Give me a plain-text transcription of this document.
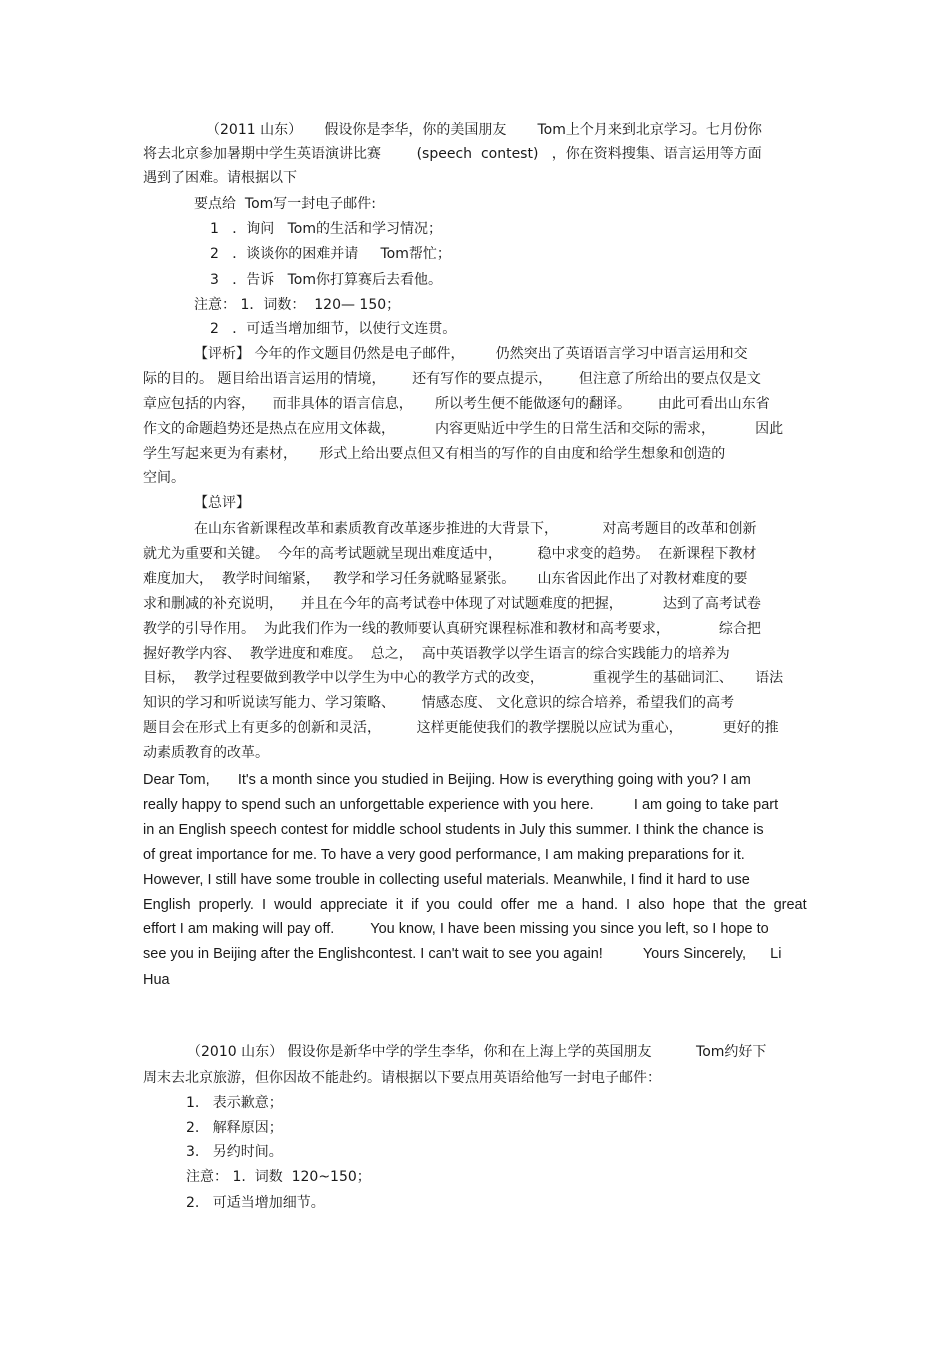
（2011 山东）     假设你是李华，你的美国朋友       Tom上个月来到北京学习。七月份你
将去北京参加暑期中学生英语演讲比赛        (speech  contest)   ，你在资料搜集、语言运用等方面
遇到了困难。请根据以下
要点给  Tom写一封电子邮件:
1   ．询问   Tom的生活和学习情况；
2   ．谈谈你的困难并请     Tom帮忙；
3   ．告诉   Tom你打算赛后去看他。
注意： 1．词数：  120— 150；
2   ．可适当增加细节，以使行文连贯。
【评析】 今年的作文题目仍然是电子邮件，       仍然突出了英语语言学习中语言运用和交
际的目的。 题目给出语言运用的情境，      还有写作的要点提示，      但注意了所给出的要点仅是文
章应包括的内容，    而非具体的语言信息，     所以考生便不能做逐句的翻译。      由此可看出山东省
作文的命题趋势还是热点在应用文体裁，         内容更贴近中学生的日常生活和交际的需求，         因此
学生写起来更为有素材，     形式上给出要点但又有相当的写作的自由度和给学生想象和创造的
空间。
【总评】
在山东省新课程改革和素质教育改革逐步推进的大背景下，          对高考题目的改革和创新
就尤为重要和关键。  今年的高考试题就呈现出难度适中，        稳中求变的趋势。  在新课程下教材
难度加大，  教学时间缩紧，   教学和学习任务就略显紧张。     山东省因此作出了对教材难度的要
求和删减的补充说明，    并且在今年的高考试卷中体现了对试题难度的把握，         达到了高考试卷
教学的引导作用。  为此我们作为一线的教师要认真研究课程标准和教材和高考要求，           综合把
握好教学内容、  教学进度和难度。  总之，  高中英语教学以学生语言的综合实践能力的培养为
目标，  教学过程要做到教学中以学生为中心的教学方式的改变，           重视学生的基础词汇、     语法
知识的学习和听说读写能力、学习策略、      情感态度、 文化意识的综合培养，希望我们的高考
题目会在形式上有更多的创新和灵活，        这样更能使我们的教学摆脱以应试为重心，         更好的推
动素质教育的改革。
Dear Tom,       It's a month since you studied in Beijing. How is everything going with you? I am
really happy to spend such an unforgettable experience with you here.          I am going to take part
in an English speech contest for middle school students in July this summer. I think the chance is
of great importance for me. To have a very good performance, I am making preparations for it.
However, I still have some trouble in collecting useful materials. Meanwhile, I find it hard to use
English  properly.  I  would  appreciate  it  if  you  could  offer  me  a  hand.  I  also  hope  that  the  great
effort I am making will pay off.         You know, I have been missing you since you left, so I hope to
see you in Beijing after the Englishcontest. I can't wait to see you again!          Yours Sincerely,      Li
Hua
（2010 山东） 假设你是新华中学的学生李华，你和在上海上学的英国朋友          Tom约好下
周末去北京旅游，但你因故不能赴约。请根据以下要点用英语给他写一封电子邮件：
1.   表示歉意；
2.   解释原因；
3.   另约时间。
注意： 1.  词数  120~150；
2.   可适当增加细节。
